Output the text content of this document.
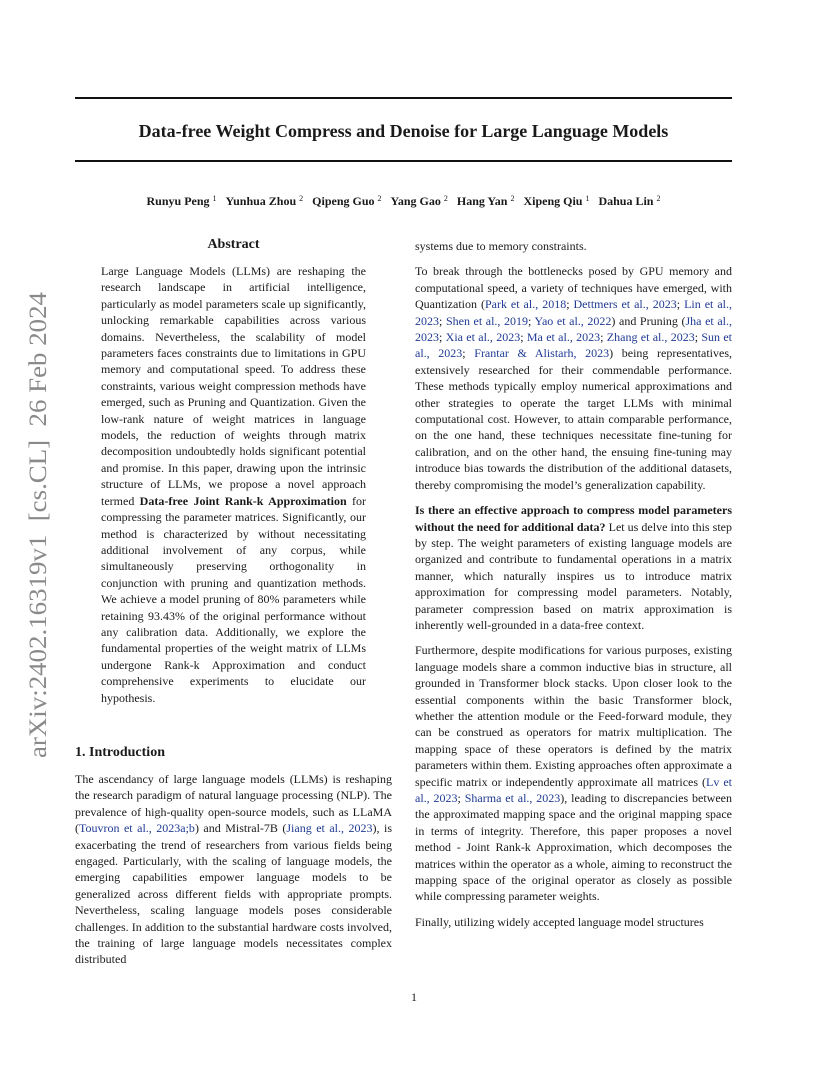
arXiv:2402.16319v1  [cs.CL]  26 Feb 2024
Data-free Weight Compress and Denoise for Large Language Models
Runyu Peng $^1$ Yunhua Zhou $^2$ Qipeng Guo $^2$ Yang Gao $^2$ Hang Yan $^2$ Xipeng Qiu $^1$ Dahua Lin $^2$
Abstract

Large Language Models (LLMs) are reshaping the research landscape in artificial intelligence, particularly as model parameters scale up significantly, unlocking remarkable capabilities across various domains. Nevertheless, the scalability of model parameters faces constraints due to limitations in GPU memory and computational speed. To address these constraints, various weight compression methods have emerged, such as Pruning and Quantization. Given the low-rank nature of weight matrices in language models, the reduction of weights through matrix decomposition undoubtedly holds significant potential and promise. In this paper, drawing upon the intrinsic structure of LLMs, we propose a novel approach termed Data-free Joint Rank-k Approximation for compressing the parameter matrices. Significantly, our method is characterized by without necessitating additional involvement of any corpus, while simultaneously preserving orthogonality in conjunction with pruning and quantization methods. We achieve a model pruning of 80% parameters while retaining 93.43% of the original performance without any calibration data. Additionally, we explore the fundamental properties of the weight matrix of LLMs undergone Rank-k Approximation and conduct comprehensive experiments to elucidate our hypothesis.

1. Introduction

The ascendancy of large language models (LLMs) is reshaping the research paradigm of natural language processing (NLP). The prevalence of high-quality open-source models, such as LLaMA (Touvron et al., 2023a;b) and Mistral-7B (Jiang et al., 2023), is exacerbating the trend of researchers from various fields being engaged. Particularly, with the scaling of language models, the emerging capabilities empower language models to be generalized across different fields with appropriate prompts. Nevertheless, scaling language models poses considerable challenges. In addition to the substantial hardware costs involved, the training of large language models necessitates complex distributed

systems due to memory constraints.

To break through the bottlenecks posed by GPU memory and computational speed, a variety of techniques have emerged, with Quantization (Park et al., 2018; Dettmers et al., 2023; Lin et al., 2023; Shen et al., 2019; Yao et al., 2022) and Pruning (Jha et al., 2023; Xia et al., 2023; Ma et al., 2023; Zhang et al., 2023; Sun et al., 2023; Frantar & Alistarh, 2023) being representatives, extensively researched for their commendable performance. These methods typically employ numerical approximations and other strategies to operate the target LLMs with minimal computational cost. However, to attain comparable performance, on the one hand, these techniques necessitate fine-tuning for calibration, and on the other hand, the ensuing fine-tuning may introduce bias towards the distribution of the additional datasets, thereby compromising the model’s generalization capability.

Is there an effective approach to compress model parameters without the need for additional data? Let us delve into this step by step. The weight parameters of existing language models are organized and contribute to fundamental operations in a matrix manner, which naturally inspires us to introduce matrix approximation for compressing model parameters. Notably, parameter compression based on matrix approximation is inherently well-grounded in a data-free context.

Furthermore, despite modifications for various purposes, existing language models share a common inductive bias in structure, all grounded in Transformer block stacks. Upon closer look to the essential components within the basic Transformer block, whether the attention module or the Feed-forward module, they can be construed as operators for matrix multiplication. The mapping space of these operators is defined by the matrix parameters within them. Existing approaches often approximate a specific matrix or independently approximate all matrices (Lv et al., 2023; Sharma et al., 2023), leading to discrepancies between the approximated mapping space and the original mapping space in terms of integrity. Therefore, this paper proposes a novel method - Joint Rank-k Approximation, which decomposes the matrices within the operator as a whole, aiming to reconstruct the mapping space of the original operator as closely as possible while compressing parameter weights.

Finally, utilizing widely accepted language model structures

1
